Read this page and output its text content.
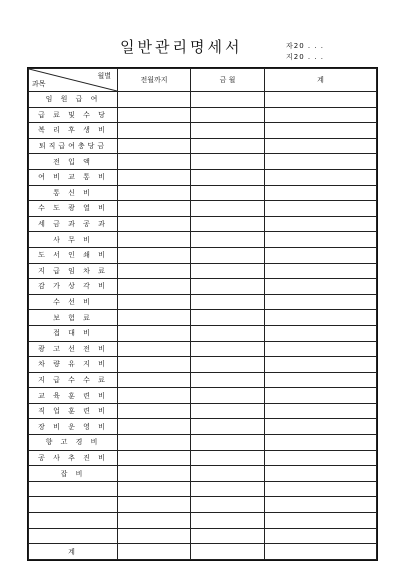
일반관리명세서	자20 . . .
지20 . . .
월별
과목	전월까지	금 월	계
임 원 급 여			
급 료 및 수 당			
복 리 후 생 비			
퇴직급여충당금			
전 입 액			
여 비 교 통 비			
통 신 비			
수 도 광 열 비			
세 금 과 공 과			
사 무 비			
도 서 인 쇄 비			
지 급 임 차 료			
감 가 상 각 비			
수 선 비			
보 험 료			
접 대 비			
광 고 선 전 비			
차 량 유 지 비			
지 급 수 수 료			
교 육 훈 련 비			
직 업 훈 련 비			
장 비 운 영 비			
향 고 경 비			
공 사 추 진 비			
잡 비			

계			
